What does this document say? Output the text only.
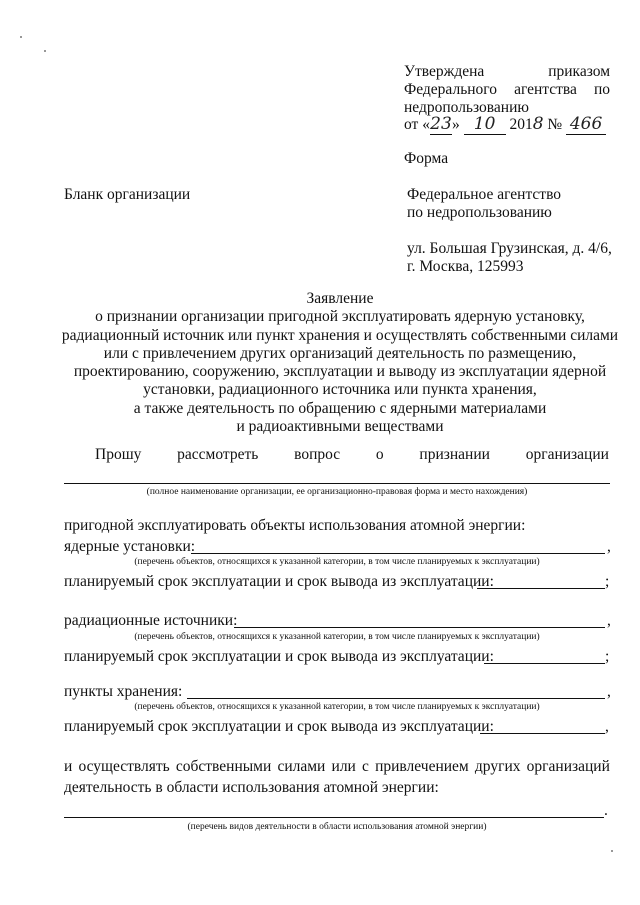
Утверждена	приказом
Федерального агентства по
недропользованию
от «23» 10 2018 № 466
Форма
Бланк организации	Федеральное агентство
по недропользованию
ул. Большая Грузинская, д. 4/6,
г. Москва, 125993
Заявление
о признании организации пригодной эксплуатировать ядерную установку,
радиационный источник или пункт хранения и осуществлять собственными силами
или с привлечением других организаций деятельность по размещению,
проектированию, сооружению, эксплуатации и выводу из эксплуатации ядерной
установки, радиационного источника или пункта хранения,
а также деятельность по обращению с ядерными материалами
и радиоактивными веществами
Прошу рассмотреть вопрос о признании организации
(полное наименование организации, ее организационно-правовая форма и место нахождения)
пригодной эксплуатировать объекты использования атомной энергии:
ядерные установки:	,
(перечень объектов, относящихся к указанной категории, в том числе планируемых к эксплуатации)
планируемый срок эксплуатации и срок вывода из эксплуатации:	;
радиационные источники:	,
(перечень объектов, относящихся к указанной категории, в том числе планируемых к эксплуатации)
планируемый срок эксплуатации и срок вывода из эксплуатации:	;
пункты хранения:	,
(перечень объектов, относящихся к указанной категории, в том числе планируемых к эксплуатации)
планируемый срок эксплуатации и срок вывода из эксплуатации:	,
и осуществлять собственными силами или с привлечением других организаций
деятельность в области использования атомной энергии:
.
(перечень видов деятельности в области использования атомной энергии)
